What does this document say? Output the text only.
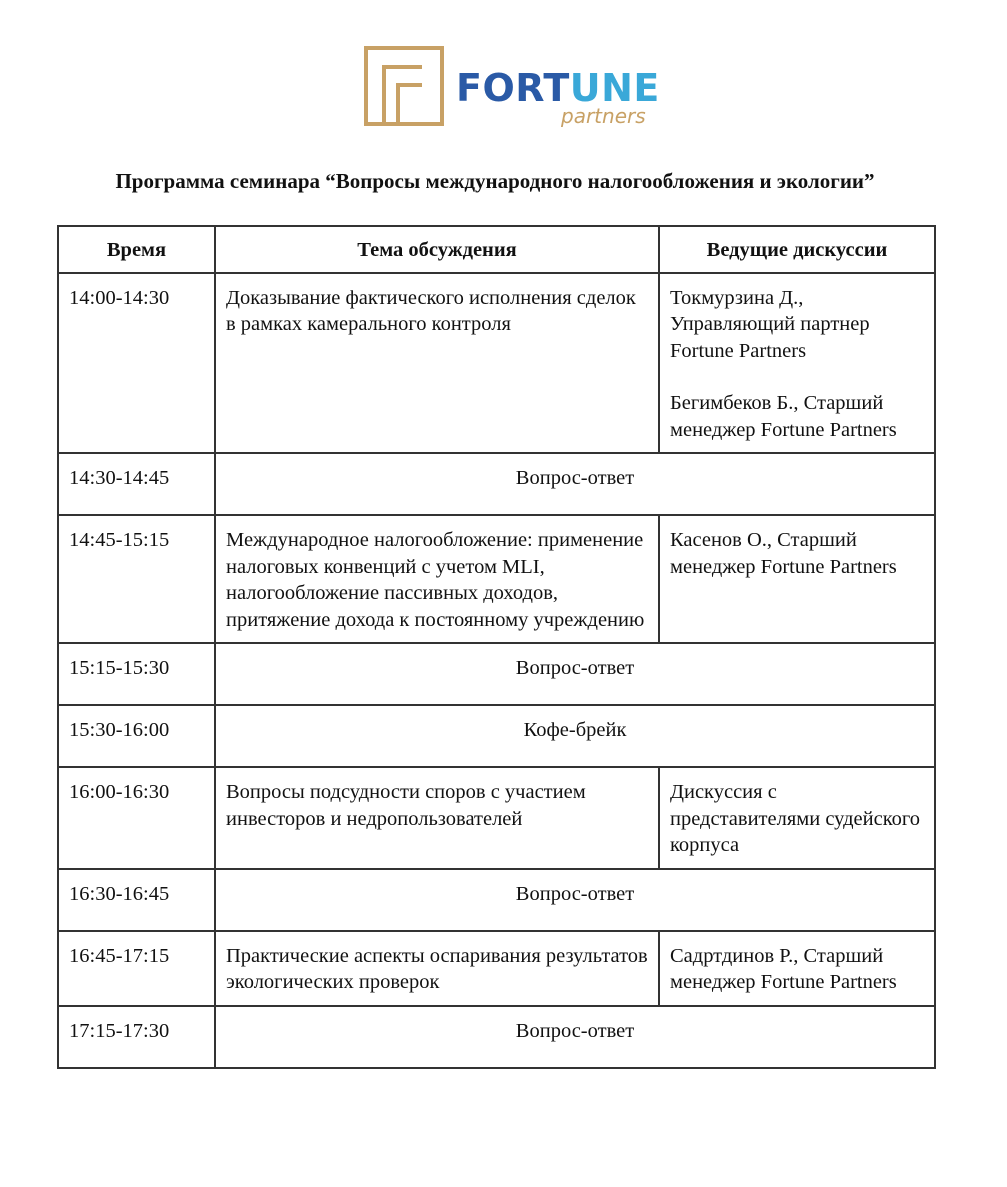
FORTUNE
partners
Программа семинара “Вопросы международного налогообложения и экологии”
Время	Тема обсуждения	Ведущие дискуссии
14:00-14:30	Доказывание фактического исполнения сделок в рамках камерального контроля	Токмурзина Д., Управляющий партнер Fortune Partners
Бегимбеков Б., Старший менеджер Fortune Partners

14:30-14:45	Вопрос-ответ	
14:45-15:15	Международное налогообложение: применение налоговых конвенций с учетом MLI, налогообложение пассивных доходов, притяжение дохода к постоянному учреждению	Касенов О., Старший менеджер Fortune Partners

15:15-15:30	Вопрос-ответ	
15:30-16:00	Кофе-брейк	
16:00-16:30	Вопросы подсудности споров с участием инвесторов и недропользователей	Дискуссия с представителями судейского корпуса

16:30-16:45	Вопрос-ответ	
16:45-17:15	Практические аспекты оспаривания результатов экологических проверок	Садртдинов Р., Старший менеджер Fortune Partners

17:15-17:30	Вопрос-ответ	
